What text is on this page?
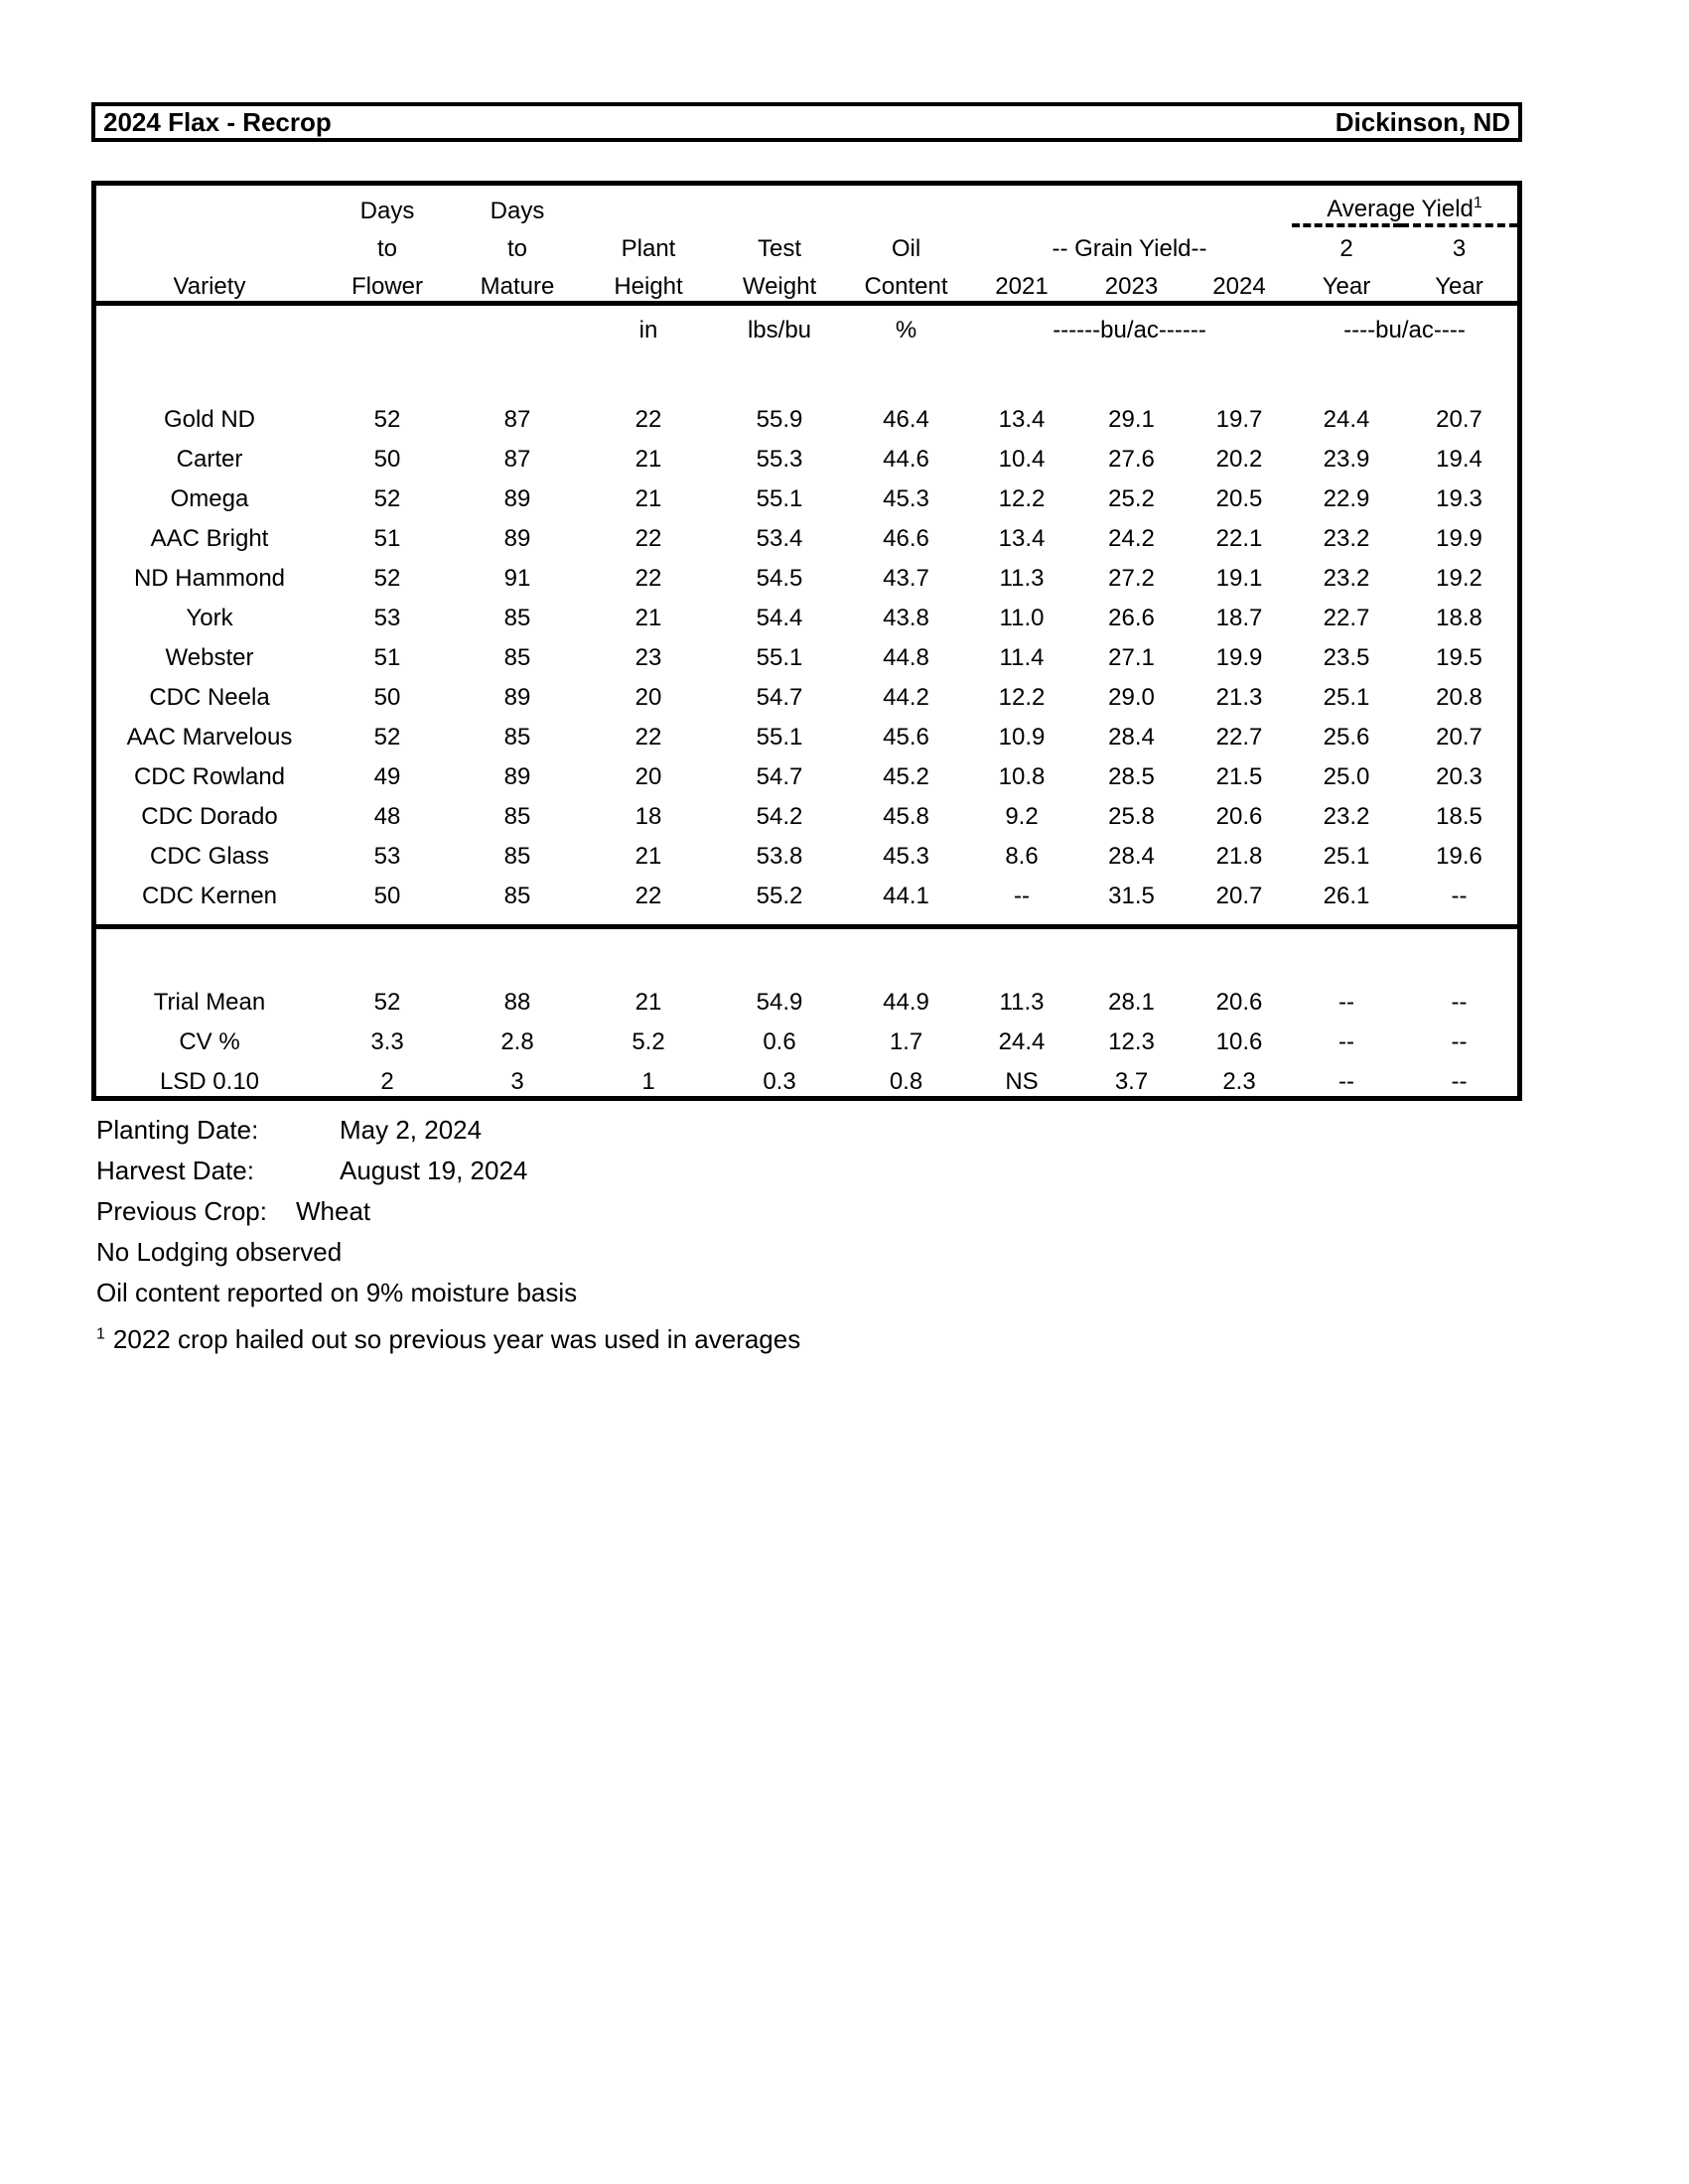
2024 Flax - Recrop	Dickinson, ND
	Days	Days							Average Yield$^1$
	to	to	Plant	Test	Oil	-- Grain Yield--			2	3
Variety	Flower	Mature	Height	Weight	Content	2021	2023	2024	Year	Year
			in	lbs/bu	%	------bu/ac------			----bu/ac----	

Gold ND	52	87	22	55.9	46.4	13.4	29.1	19.7	24.4	20.7
Carter	50	87	21	55.3	44.6	10.4	27.6	20.2	23.9	19.4
Omega	52	89	21	55.1	45.3	12.2	25.2	20.5	22.9	19.3
AAC Bright	51	89	22	53.4	46.6	13.4	24.2	22.1	23.2	19.9
ND Hammond	52	91	22	54.5	43.7	11.3	27.2	19.1	23.2	19.2
York	53	85	21	54.4	43.8	11.0	26.6	18.7	22.7	18.8
Webster	51	85	23	55.1	44.8	11.4	27.1	19.9	23.5	19.5
CDC Neela	50	89	20	54.7	44.2	12.2	29.0	21.3	25.1	20.8
AAC Marvelous	52	85	22	55.1	45.6	10.9	28.4	22.7	25.6	20.7
CDC Rowland	49	89	20	54.7	45.2	10.8	28.5	21.5	25.0	20.3
CDC Dorado	48	85	18	54.2	45.8	9.2	25.8	20.6	23.2	18.5
CDC Glass	53	85	21	53.8	45.3	8.6	28.4	21.8	25.1	19.6
CDC Kernen	50	85	22	55.2	44.1	--	31.5	20.7	26.1	--

Trial Mean	52	88	21	54.9	44.9	11.3	28.1	20.6	--	--
CV %	3.3	2.8	5.2	0.6	1.7	24.4	12.3	10.6	--	--
LSD 0.10	2	3	1	0.3	0.8	NS	3.7	2.3	--	--
Planting Date:	May 2, 2024
Harvest Date:	August 19, 2024
Previous Crop: Wheat
No Lodging observed
Oil content reported on 9% moisture basis
$^1$ 2022 crop hailed out so previous year was used in averages
